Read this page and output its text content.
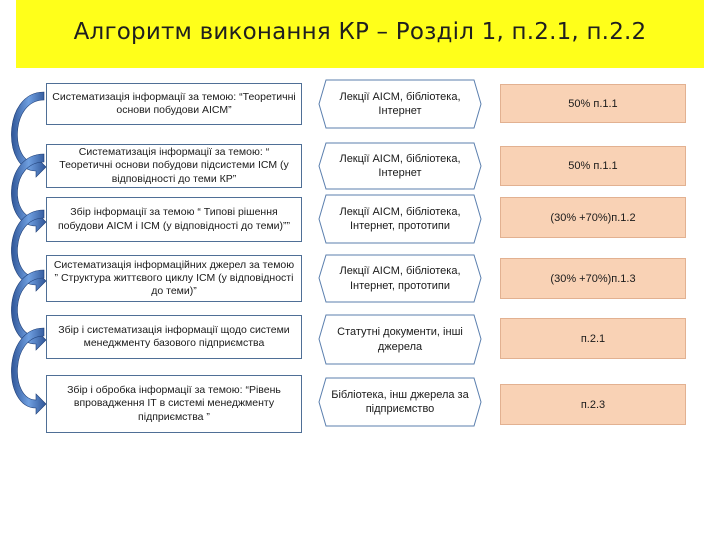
Алгоритм виконання КР – Розділ 1, п.2.1, п.2.2
Систематизація інформації за темою: “Теоретичні основи побудови АІСМ”
Лекції АІСМ, бібліотека, Інтернет
50% п.1.1
Систематизація інформації за темою: “ Теоретичні основи побудови підсистеми ІСМ (у відповідності до теми КР”
Лекції АІСМ, бібліотека, Інтернет
50% п.1.1
Збір інформації за темою “ Типові рішення побудови АІСМ і ІСМ (у відповідності до теми)””
Лекції АІСМ, бібліотека, Інтернет, прототипи
(30% +70%)п.1.2
Систематизація інформаційних джерел за темою ” Структура життєвого циклу ІСМ (у відповідності до теми)”
Лекції АІСМ, бібліотека, Інтернет, прототипи
(30% +70%)п.1.3
Збір і систематизація інформації щодо системи менеджменту базового підприємства
Статутні документи, інші джерела
п.2.1
Збір і обробка інформації за темою: “Рівень впровадження ІТ в системі менеджменту підприємства ”
Бібліотека, інш джерела за підприємство	п.2.3
